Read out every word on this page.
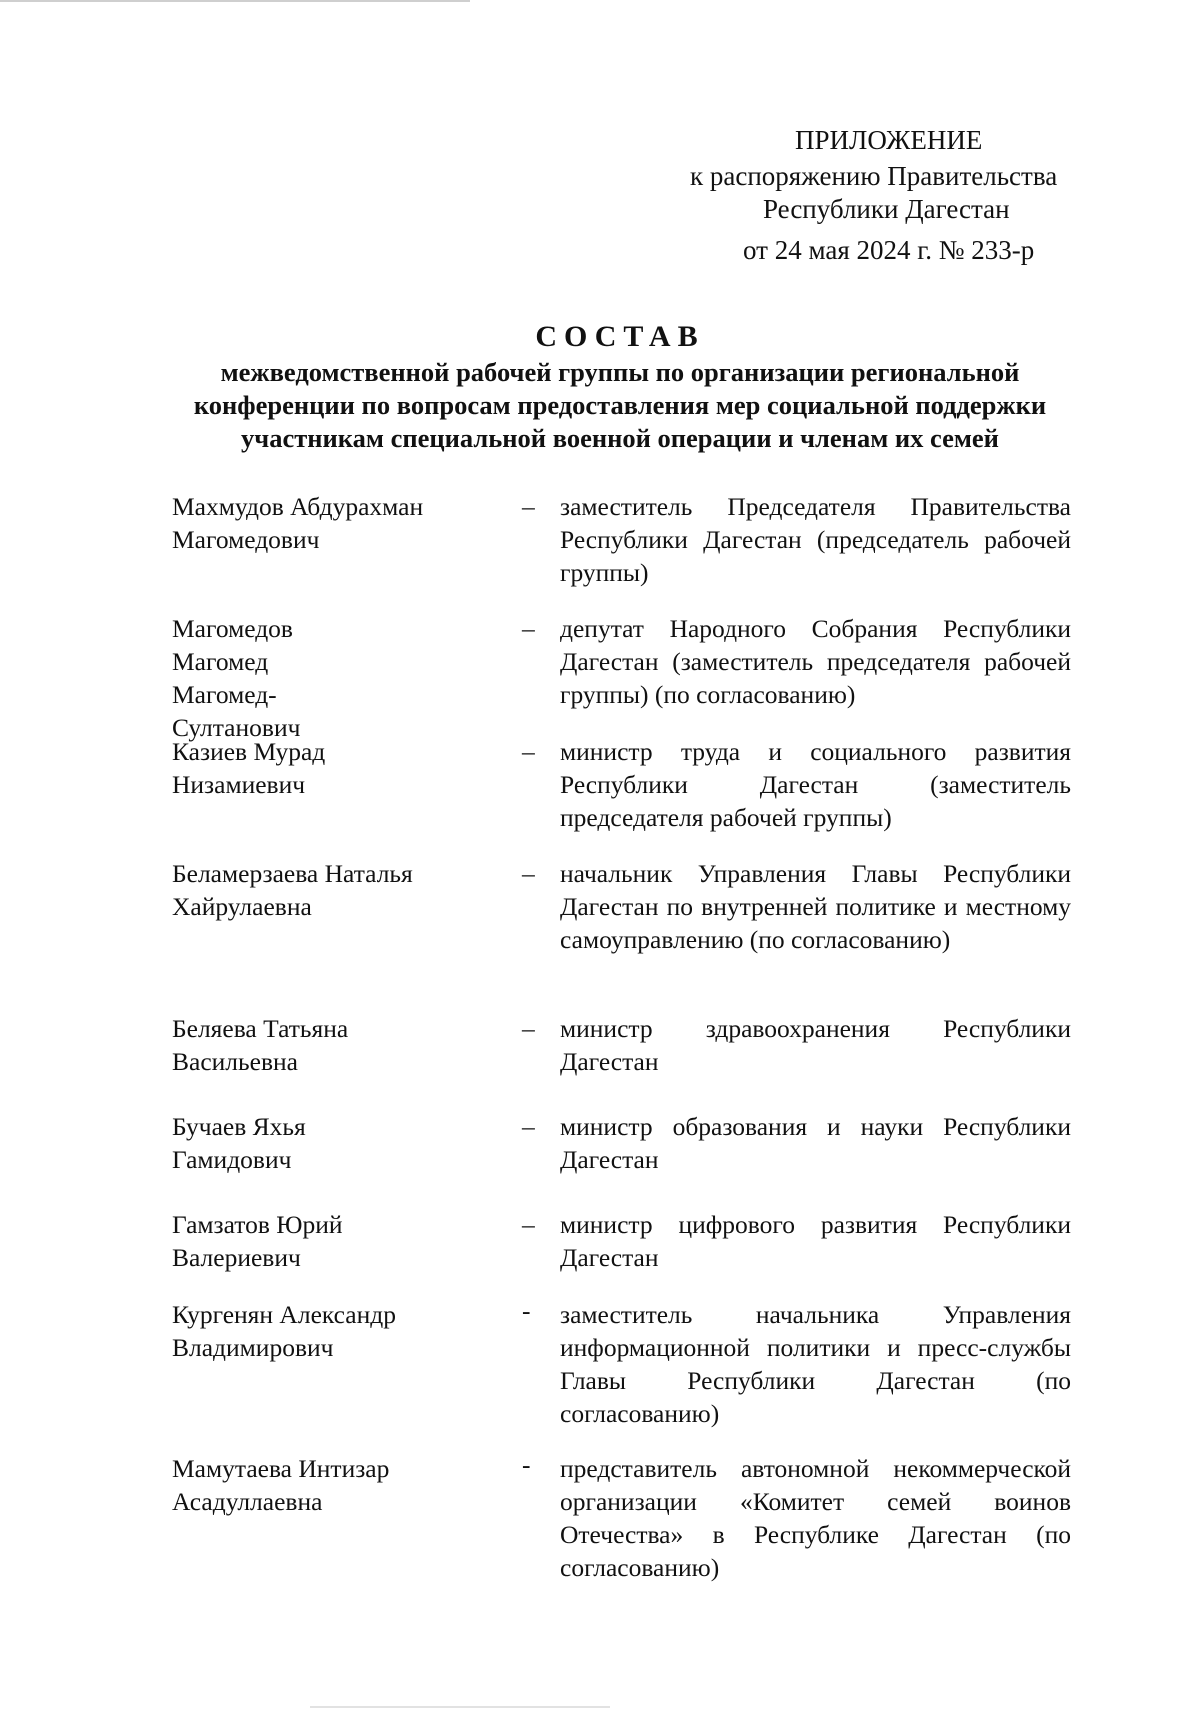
ПРИЛОЖЕНИЕ
к распоряжению Правительства
Республики Дагестан
от 24 мая 2024 г. № 233-р
СОСТАВ
межведомственной рабочей группы по организации региональной
конференции по вопросам предоставления мер социальной поддержки
участникам специальной военной операции и членам их семей
Махмудов Абдурахман Магомедович
– заместитель Председателя Правительства Республики Дагестан (председатель рабочей группы)
Магомедов Магомед Магомед-Султанович
– депутат Народного Собрания Республики Дагестан (заместитель председателя рабочей группы) (по согласованию)
Казиев Мурад Низамиевич
– министр труда и социального развития Республики Дагестан (заместитель председателя рабочей группы)
Беламерзаева Наталья Хайрулаевна
– начальник Управления Главы Республики Дагестан по внутренней политике и местному самоуправлению (по согласованию)
Беляева Татьяна Васильевна
– министр здравоохранения Республики Дагестан
Бучаев Яхья Гамидович
– министр образования и науки Республики Дагестан
Гамзатов Юрий Валериевич
– министр цифрового развития Республики Дагестан
Кургенян Александр Владимирович
- заместитель начальника Управления информационной политики и пресс-службы Главы Республики Дагестан (по согласованию)
Мамутаева Интизар Асадуллаевна
- представитель автономной некоммерческой организации «Комитет семей воинов Отечества» в Республике Дагестан (по согласованию)
